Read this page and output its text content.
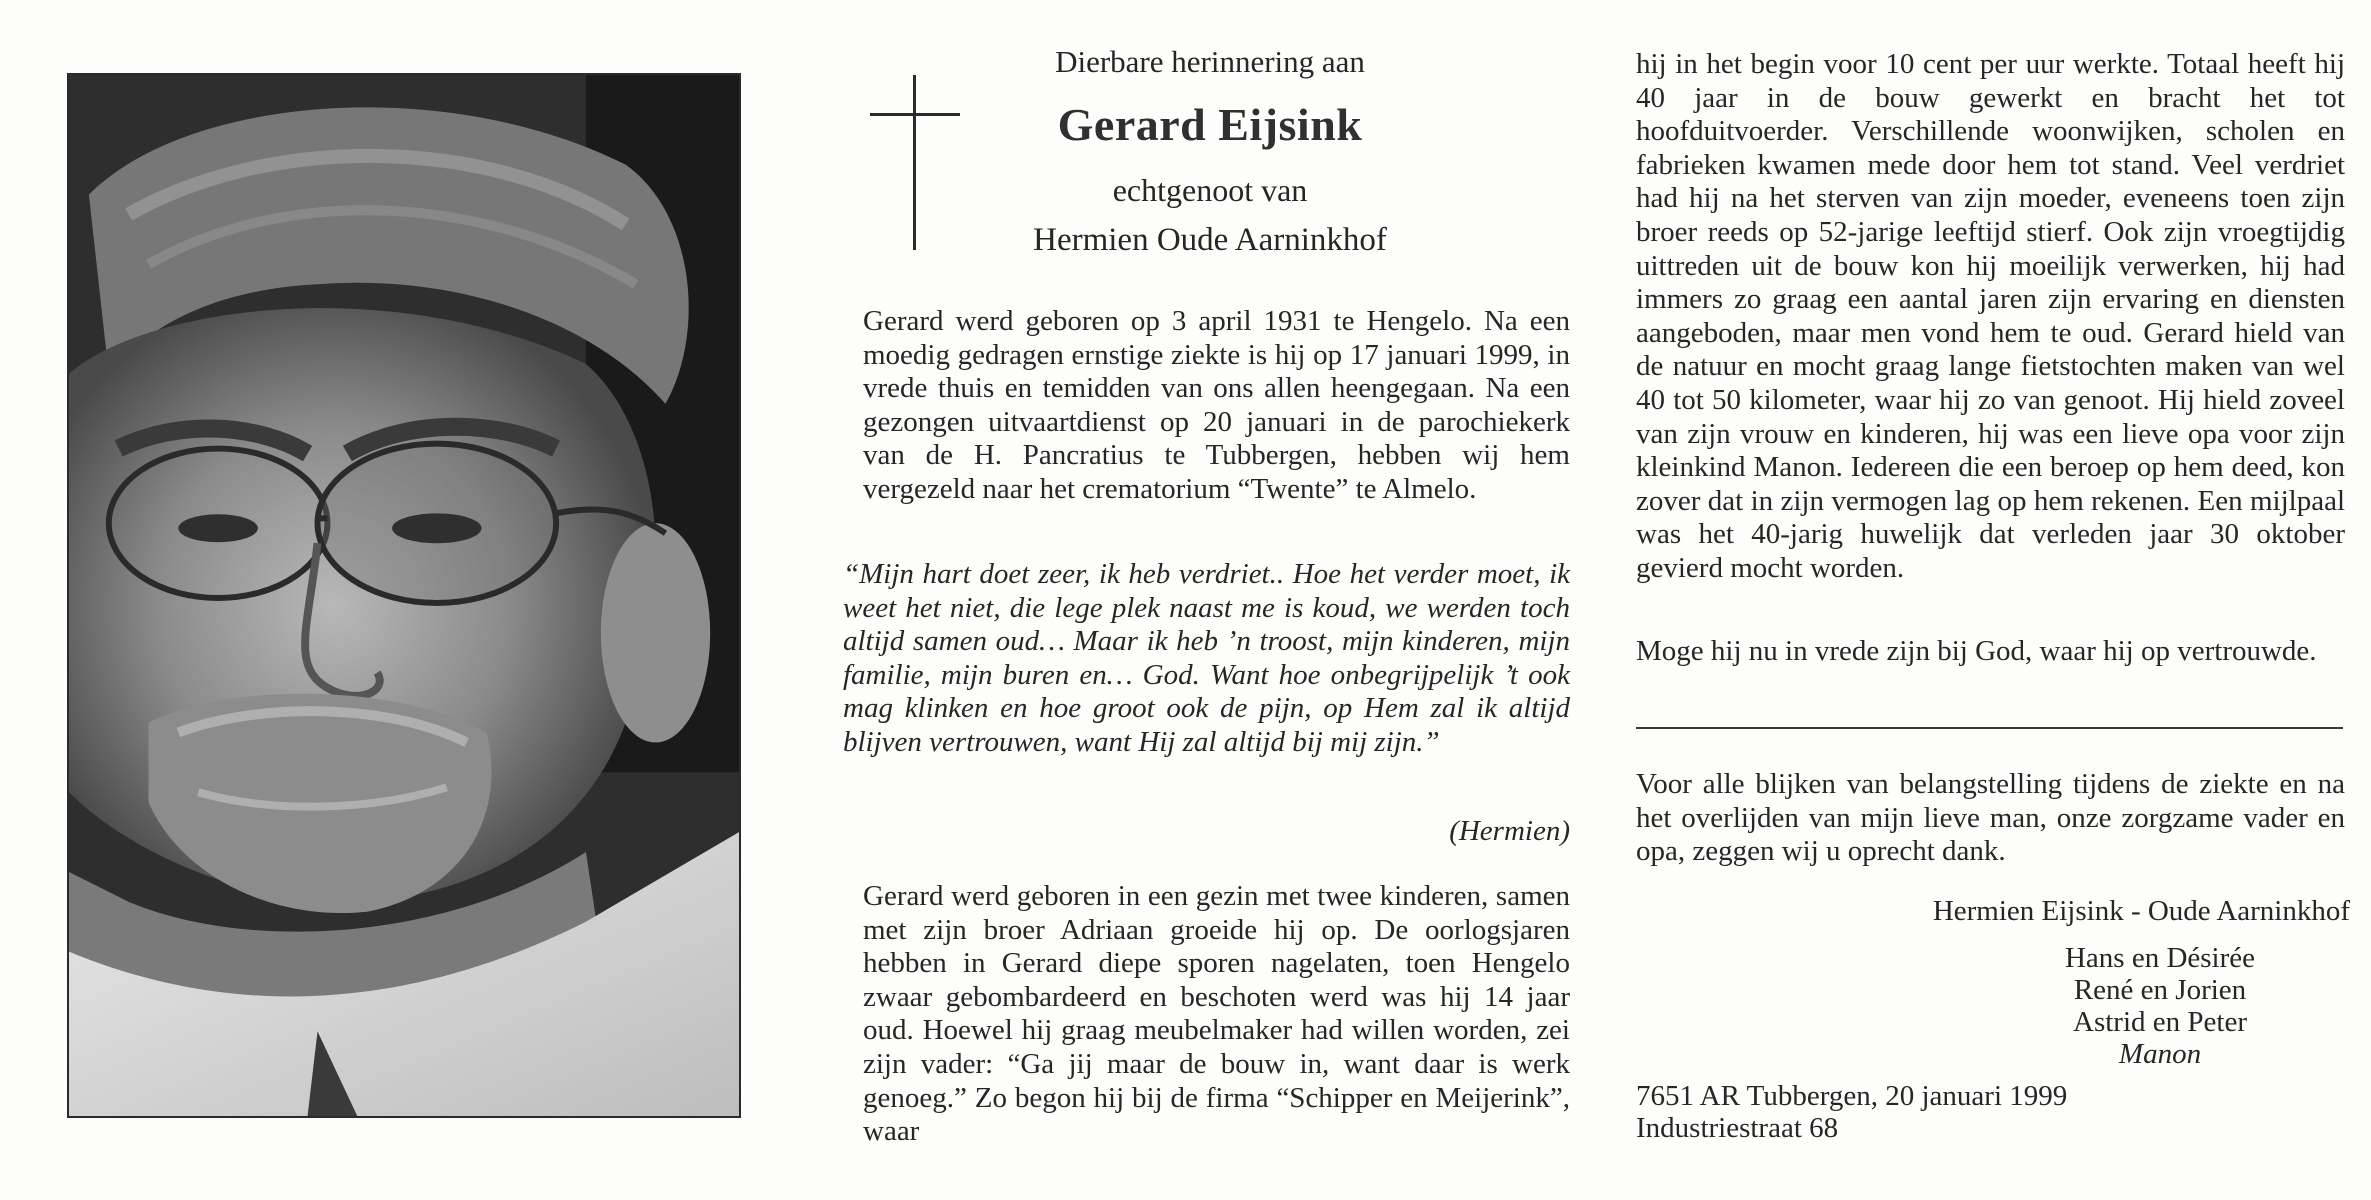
Dierbare herinnering aan
Gerard Eijsink
echtgenoot van
Hermien Oude Aarninkhof
Gerard werd geboren op 3 april 1931 te Hengelo. Na een moedig gedragen ernstige ziekte is hij op 17 januari 1999, in vrede thuis en temidden van ons allen heengegaan. Na een gezongen uitvaartdienst op 20 januari in de parochiekerk van de H. Pancratius te Tubbergen, hebben wij hem vergezeld naar het crematorium “Twente” te Almelo.
“Mijn hart doet zeer, ik heb verdriet.. Hoe het verder moet, ik weet het niet, die lege plek naast me is koud, we werden toch altijd samen oud… Maar ik heb ’n troost, mijn kinderen, mijn familie, mijn buren en… God. Want hoe onbegrijpelijk ’t ook mag klinken en hoe groot ook de pijn, op Hem zal ik altijd blijven vertrouwen, want Hij zal altijd bij mij zijn.”
(Hermien)
Gerard werd geboren in een gezin met twee kinderen, samen met zijn broer Adriaan groeide hij op. De oorlogsjaren hebben in Gerard diepe sporen nagelaten, toen Hengelo zwaar gebombardeerd en beschoten werd was hij 14 jaar oud. Hoewel hij graag meubelmaker had willen worden, zei zijn vader: “Ga jij maar de bouw in, want daar is werk genoeg.” Zo begon hij bij de firma “Schipper en Meijerink”, waar
hij in het begin voor 10 cent per uur werkte. Totaal heeft hij 40 jaar in de bouw gewerkt en bracht het tot hoofduitvoerder. Verschillende woonwijken, scholen en fabrieken kwamen mede door hem tot stand. Veel verdriet had hij na het sterven van zijn moeder, eveneens toen zijn broer reeds op 52-jarige leeftijd stierf. Ook zijn vroegtijdig uittreden uit de bouw kon hij moeilijk verwerken, hij had immers zo graag een aantal jaren zijn ervaring en diensten aangeboden, maar men vond hem te oud. Gerard hield van de natuur en mocht graag lange fietstochten maken van wel 40 tot 50 kilometer, waar hij zo van genoot. Hij hield zoveel van zijn vrouw en kinderen, hij was een lieve opa voor zijn kleinkind Manon. Iedereen die een beroep op hem deed, kon zover dat in zijn vermogen lag op hem rekenen. Een mijlpaal was het 40-jarig huwelijk dat verleden jaar 30 oktober gevierd mocht worden.
Moge hij nu in vrede zijn bij God, waar hij op vertrouwde.
Voor alle blijken van belangstelling tijdens de ziekte en na het overlijden van mijn lieve man, onze zorgzame vader en opa, zeggen wij u oprecht dank.
Hermien Eijsink - Oude Aarninkhof
Hans en Désirée
René en Jorien
Astrid en Peter
Manon
7651 AR Tubbergen, 20 januari 1999
Industriestraat 68
